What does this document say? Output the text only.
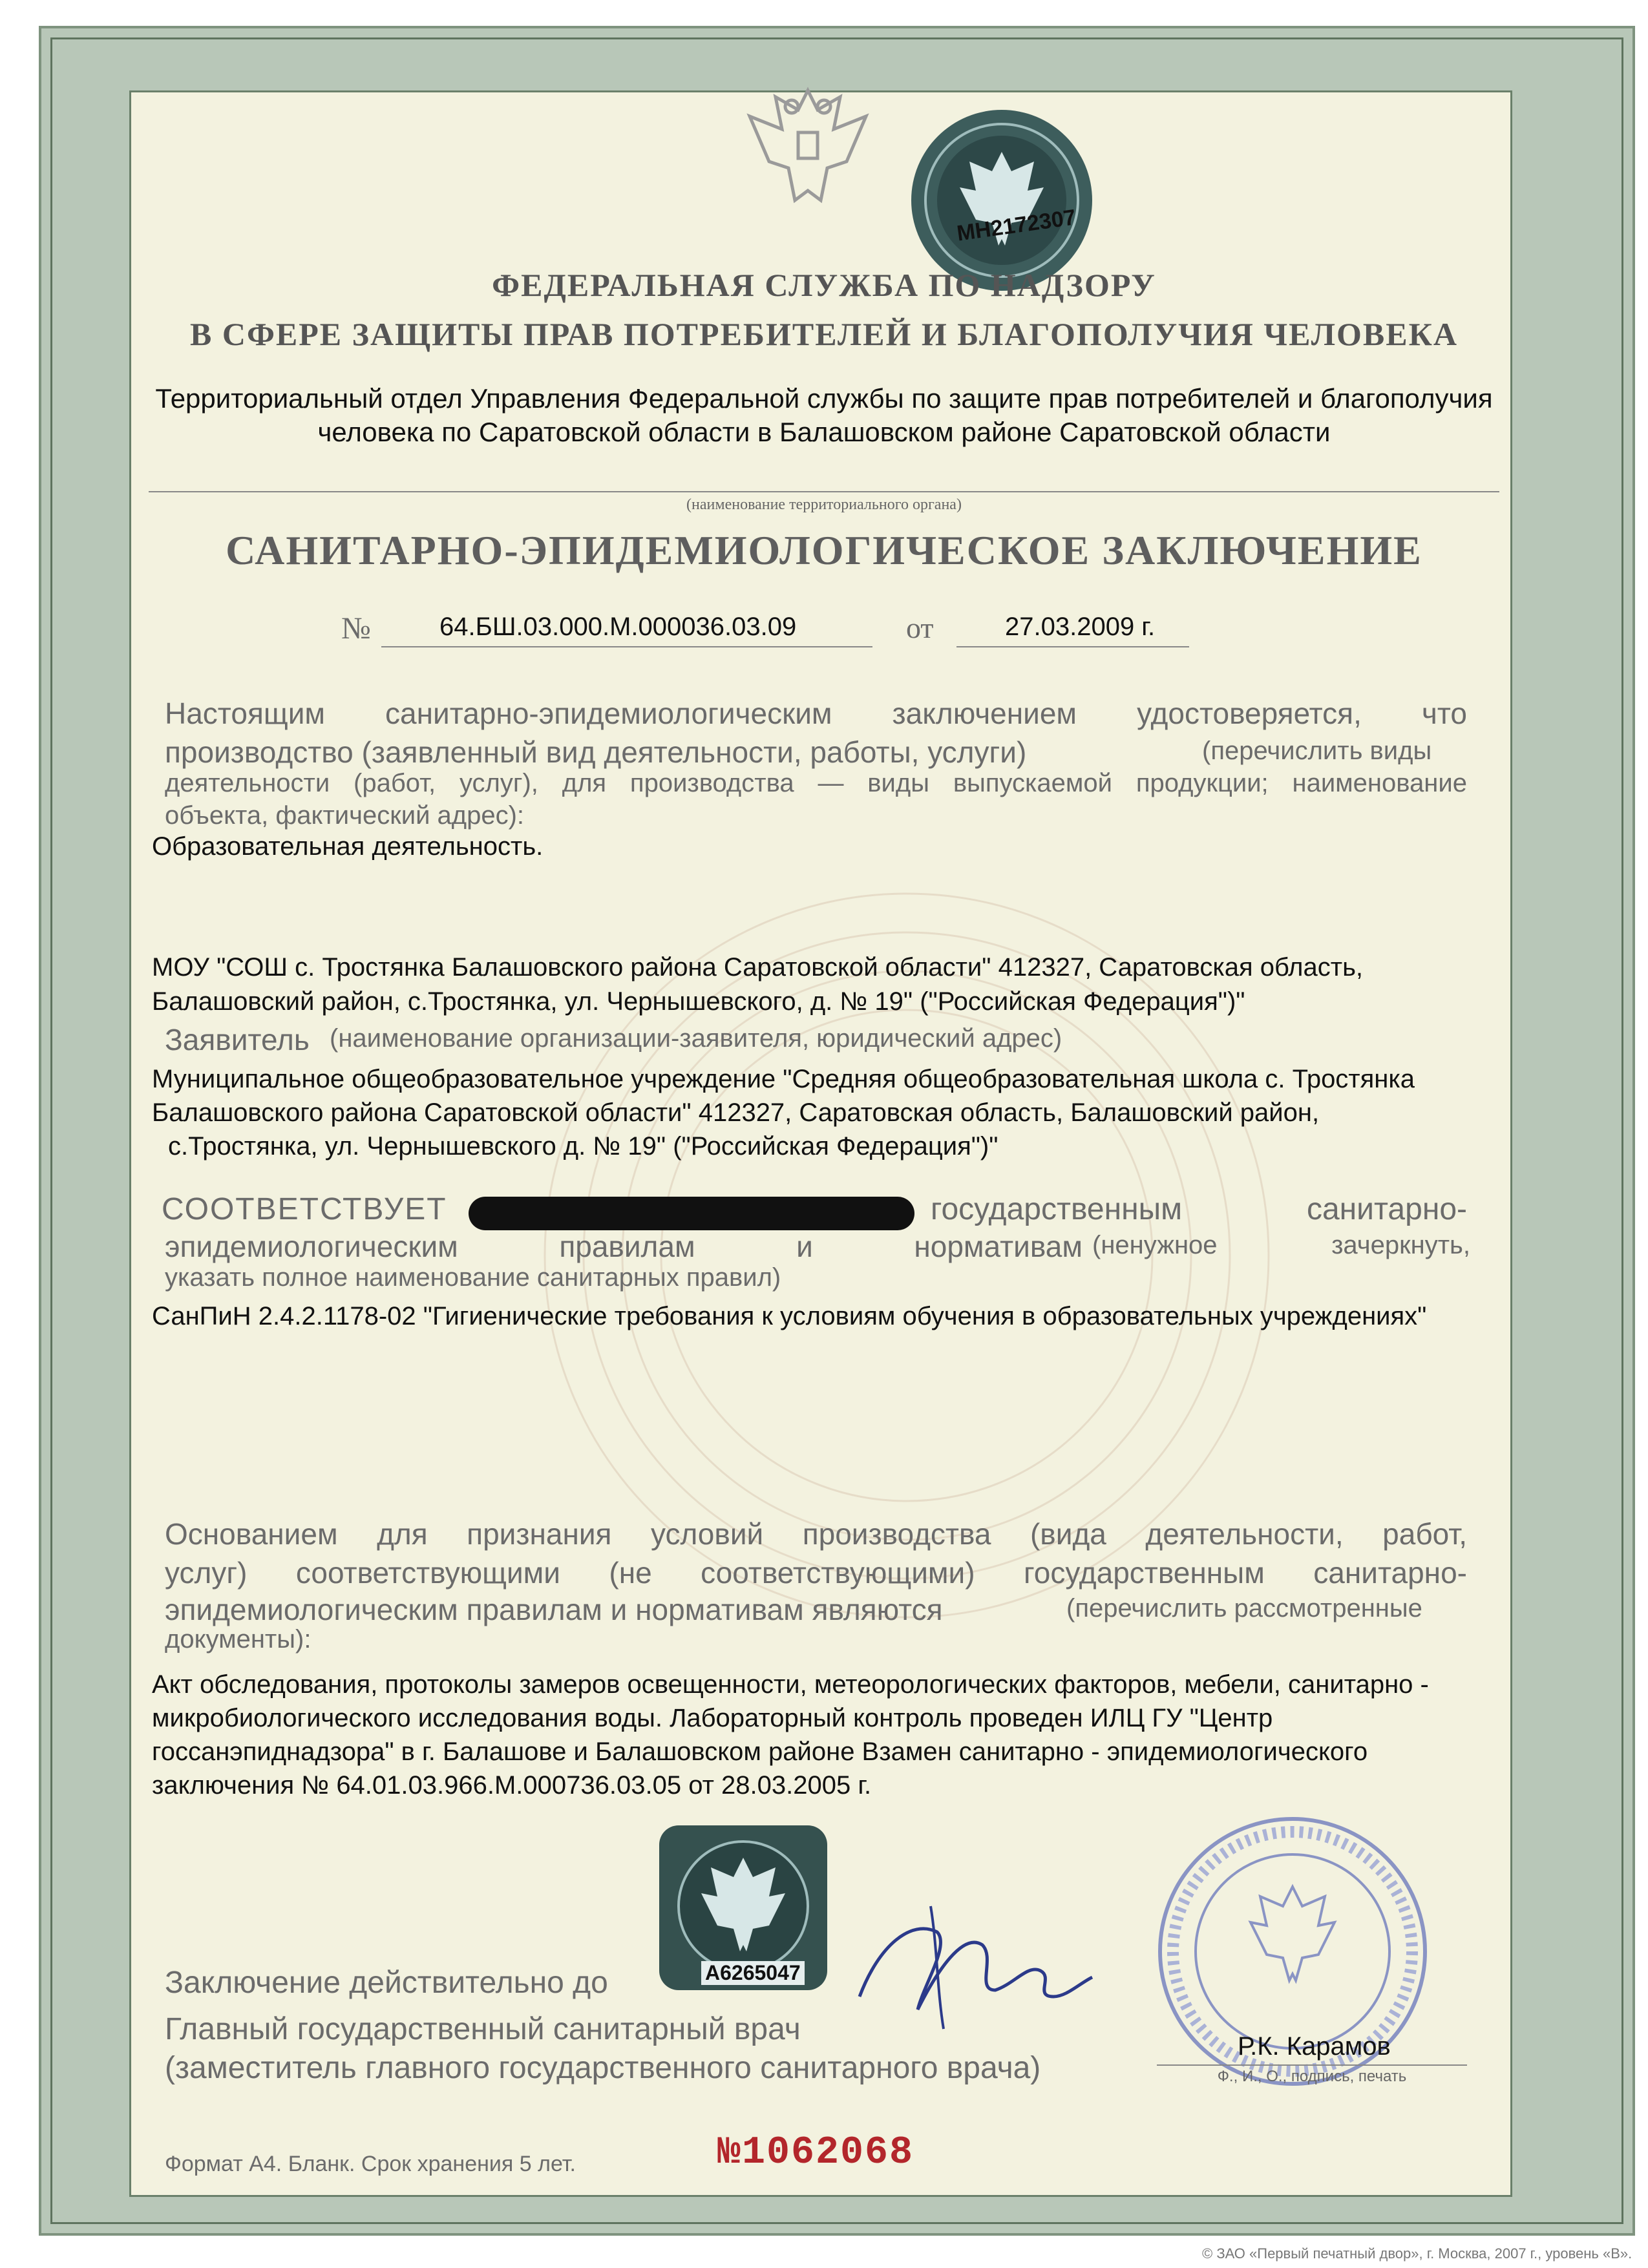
MH2172307
ФЕДЕРАЛЬНАЯ СЛУЖБА ПО НАДЗОРУ
В СФЕРЕ ЗАЩИТЫ ПРАВ ПОТРЕБИТЕЛЕЙ И БЛАГОПОЛУЧИЯ ЧЕЛОВЕКА
Территориальный отдел Управления Федеральной службы по защите прав потребителей и благополучия
человека по Саратовской области в Балашовском районе Саратовской области
(наименование территориального органа)
САНИТАРНО-ЭПИДЕМИОЛОГИЧЕСКОЕ ЗАКЛЮЧЕНИЕ
№	64.БШ.03.000.М.000036.03.09	от	27.03.2009 г.
Настоящим санитарно-эпидемиологическим заключением удостоверяется, что
производство (заявленный вид деятельности, работы, услуги)	(перечислить виды
деятельности (работ, услуг), для производства — виды выпускаемой продукции; наименование
объекта, фактический адрес):
Образовательная деятельность.
МОУ "СОШ с. Тростянка Балашовского района Саратовской области" 412327, Саратовская область,
Балашовский район, с.Тростянка, ул. Чернышевского, д. № 19" ("Российская Федерация")"
Заявитель (наименование организации-заявителя, юридический адрес)
Муниципальное общеобразовательное учреждение "Средняя общеобразовательная школа с. Тростянка
Балашовского района Саратовской области" 412327, Саратовская область, Балашовский район,
с.Тростянка, ул. Чернышевского д. № 19" ("Российская Федерация")"
СООТВЕТСТВУЕТ	государственным санитарно-
эпидемиологическим правилам и нормативам (ненужное зачеркнуть,
указать полное наименование санитарных правил)
СанПиН 2.4.2.1178-02 "Гигиенические требования к условиям обучения в образовательных учреждениях"
Основанием для признания условий производства (вида деятельности, работ,
услуг) соответствующими (не соответствующими) государственным санитарно-
эпидемиологическим правилам и нормативам являются	(перечислить рассмотренные
документы):
Акт обследования, протоколы замеров освещенности, метеорологических факторов, мебели, санитарно -
микробиологического исследования воды. Лабораторный контроль проведен ИЛЦ ГУ "Центр
госсанэпиднадзора" в г. Балашове и Балашовском районе Взамен санитарно - эпидемиологического
заключения № 64.01.03.966.М.000736.03.05 от 28.03.2005 г.
A6265047
Заключение действительно до
Главный государственный санитарный врач
(заместитель главного государственного санитарного врача)
Р.К. Карамов
Ф., И., О., подпись, печать
Формат А4. Бланк. Срок хранения 5 лет.	№1062068
© ЗАО «Первый печатный двор», г. Москва, 2007 г., уровень «В».
